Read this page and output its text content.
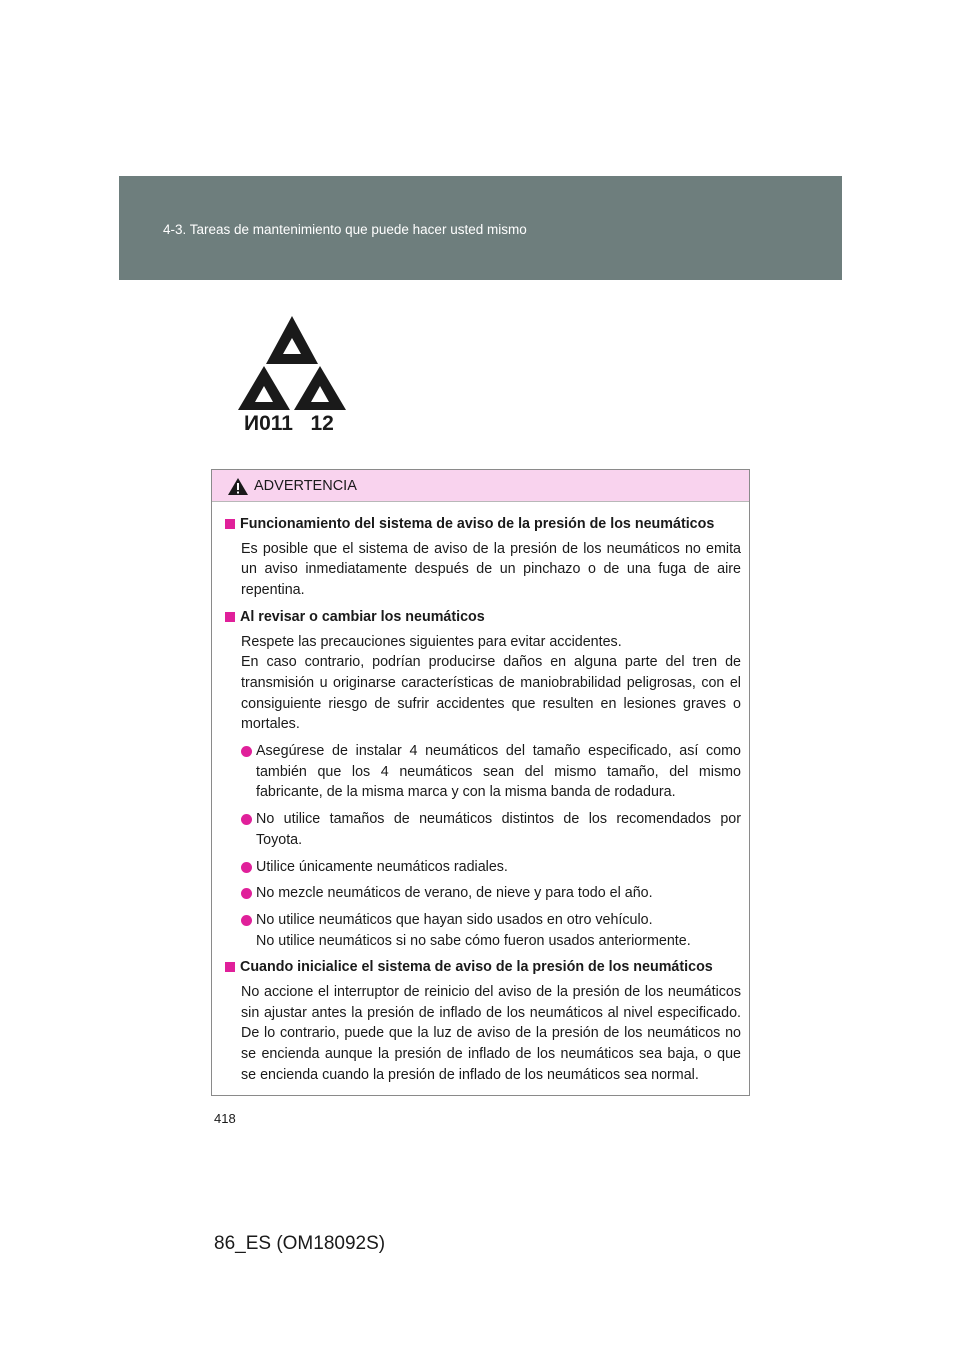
4-3. Tareas de mantenimiento que puede hacer usted mismo
И011   12
ADVERTENCIA
Funcionamiento del sistema de aviso de la presión de los neumáticos

Es posible que el sistema de aviso de la presión de los neumáticos no emita un aviso inmediatamente después de un pinchazo o de una fuga de aire repentina.

Al revisar o cambiar los neumáticos

Respete las precauciones siguientes para evitar accidentes.

En caso contrario, podrían producirse daños en alguna parte del tren de transmisión u originarse características de maniobrabilidad peligrosas, con el consiguiente riesgo de sufrir accidentes que resulten en lesiones graves o mortales.

Asegúrese de instalar 4 neumáticos del tamaño especificado, así como también que los 4 neumáticos sean del mismo tamaño, del mismo fabricante, de la misma marca y con la misma banda de rodadura.

No utilice tamaños de neumáticos distintos de los recomendados por Toyota.

Utilice únicamente neumáticos radiales.

No mezcle neumáticos de verano, de nieve y para todo el año.

No utilice neumáticos que hayan sido usados en otro vehículo.

No utilice neumáticos si no sabe cómo fueron usados anteriormente.

Cuando inicialice el sistema de aviso de la presión de los neumáticos

No accione el interruptor de reinicio del aviso de la presión de los neumáticos sin ajustar antes la presión de inflado de los neumáticos al nivel especificado. De lo contrario, puede que la luz de aviso de la presión de los neumáticos no se encienda aunque la presión de inflado de los neumáticos sea baja, o que se encienda cuando la presión de inflado de los neumáticos sea normal.

418
86_ES (OM18092S)
